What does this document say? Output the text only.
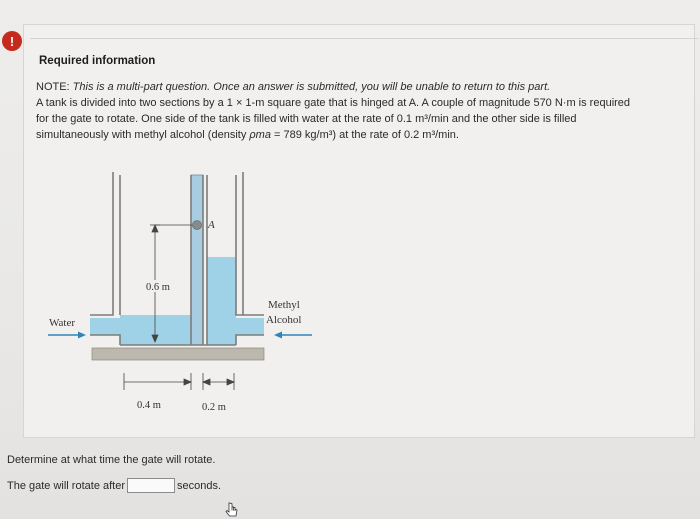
!
Required information
NOTE: This is a multi-part question. Once an answer is submitted, you will be unable to return to this part.
A tank is divided into two sections by a 1 × 1-m square gate that is hinged at A. A couple of magnitude 570 N·m is required
for the gate to rotate. One side of the tank is filled with water at the rate of 0.1 m³/min and the other side is filled
simultaneously with methyl alcohol (density ρma = 789 kg/m³) at the rate of 0.2 m³/min.
A
0.6 m
Water
Methyl
Alcohol
0.4 m	0.2 m
Determine at what time the gate will rotate.
The gate will rotate after	seconds.
